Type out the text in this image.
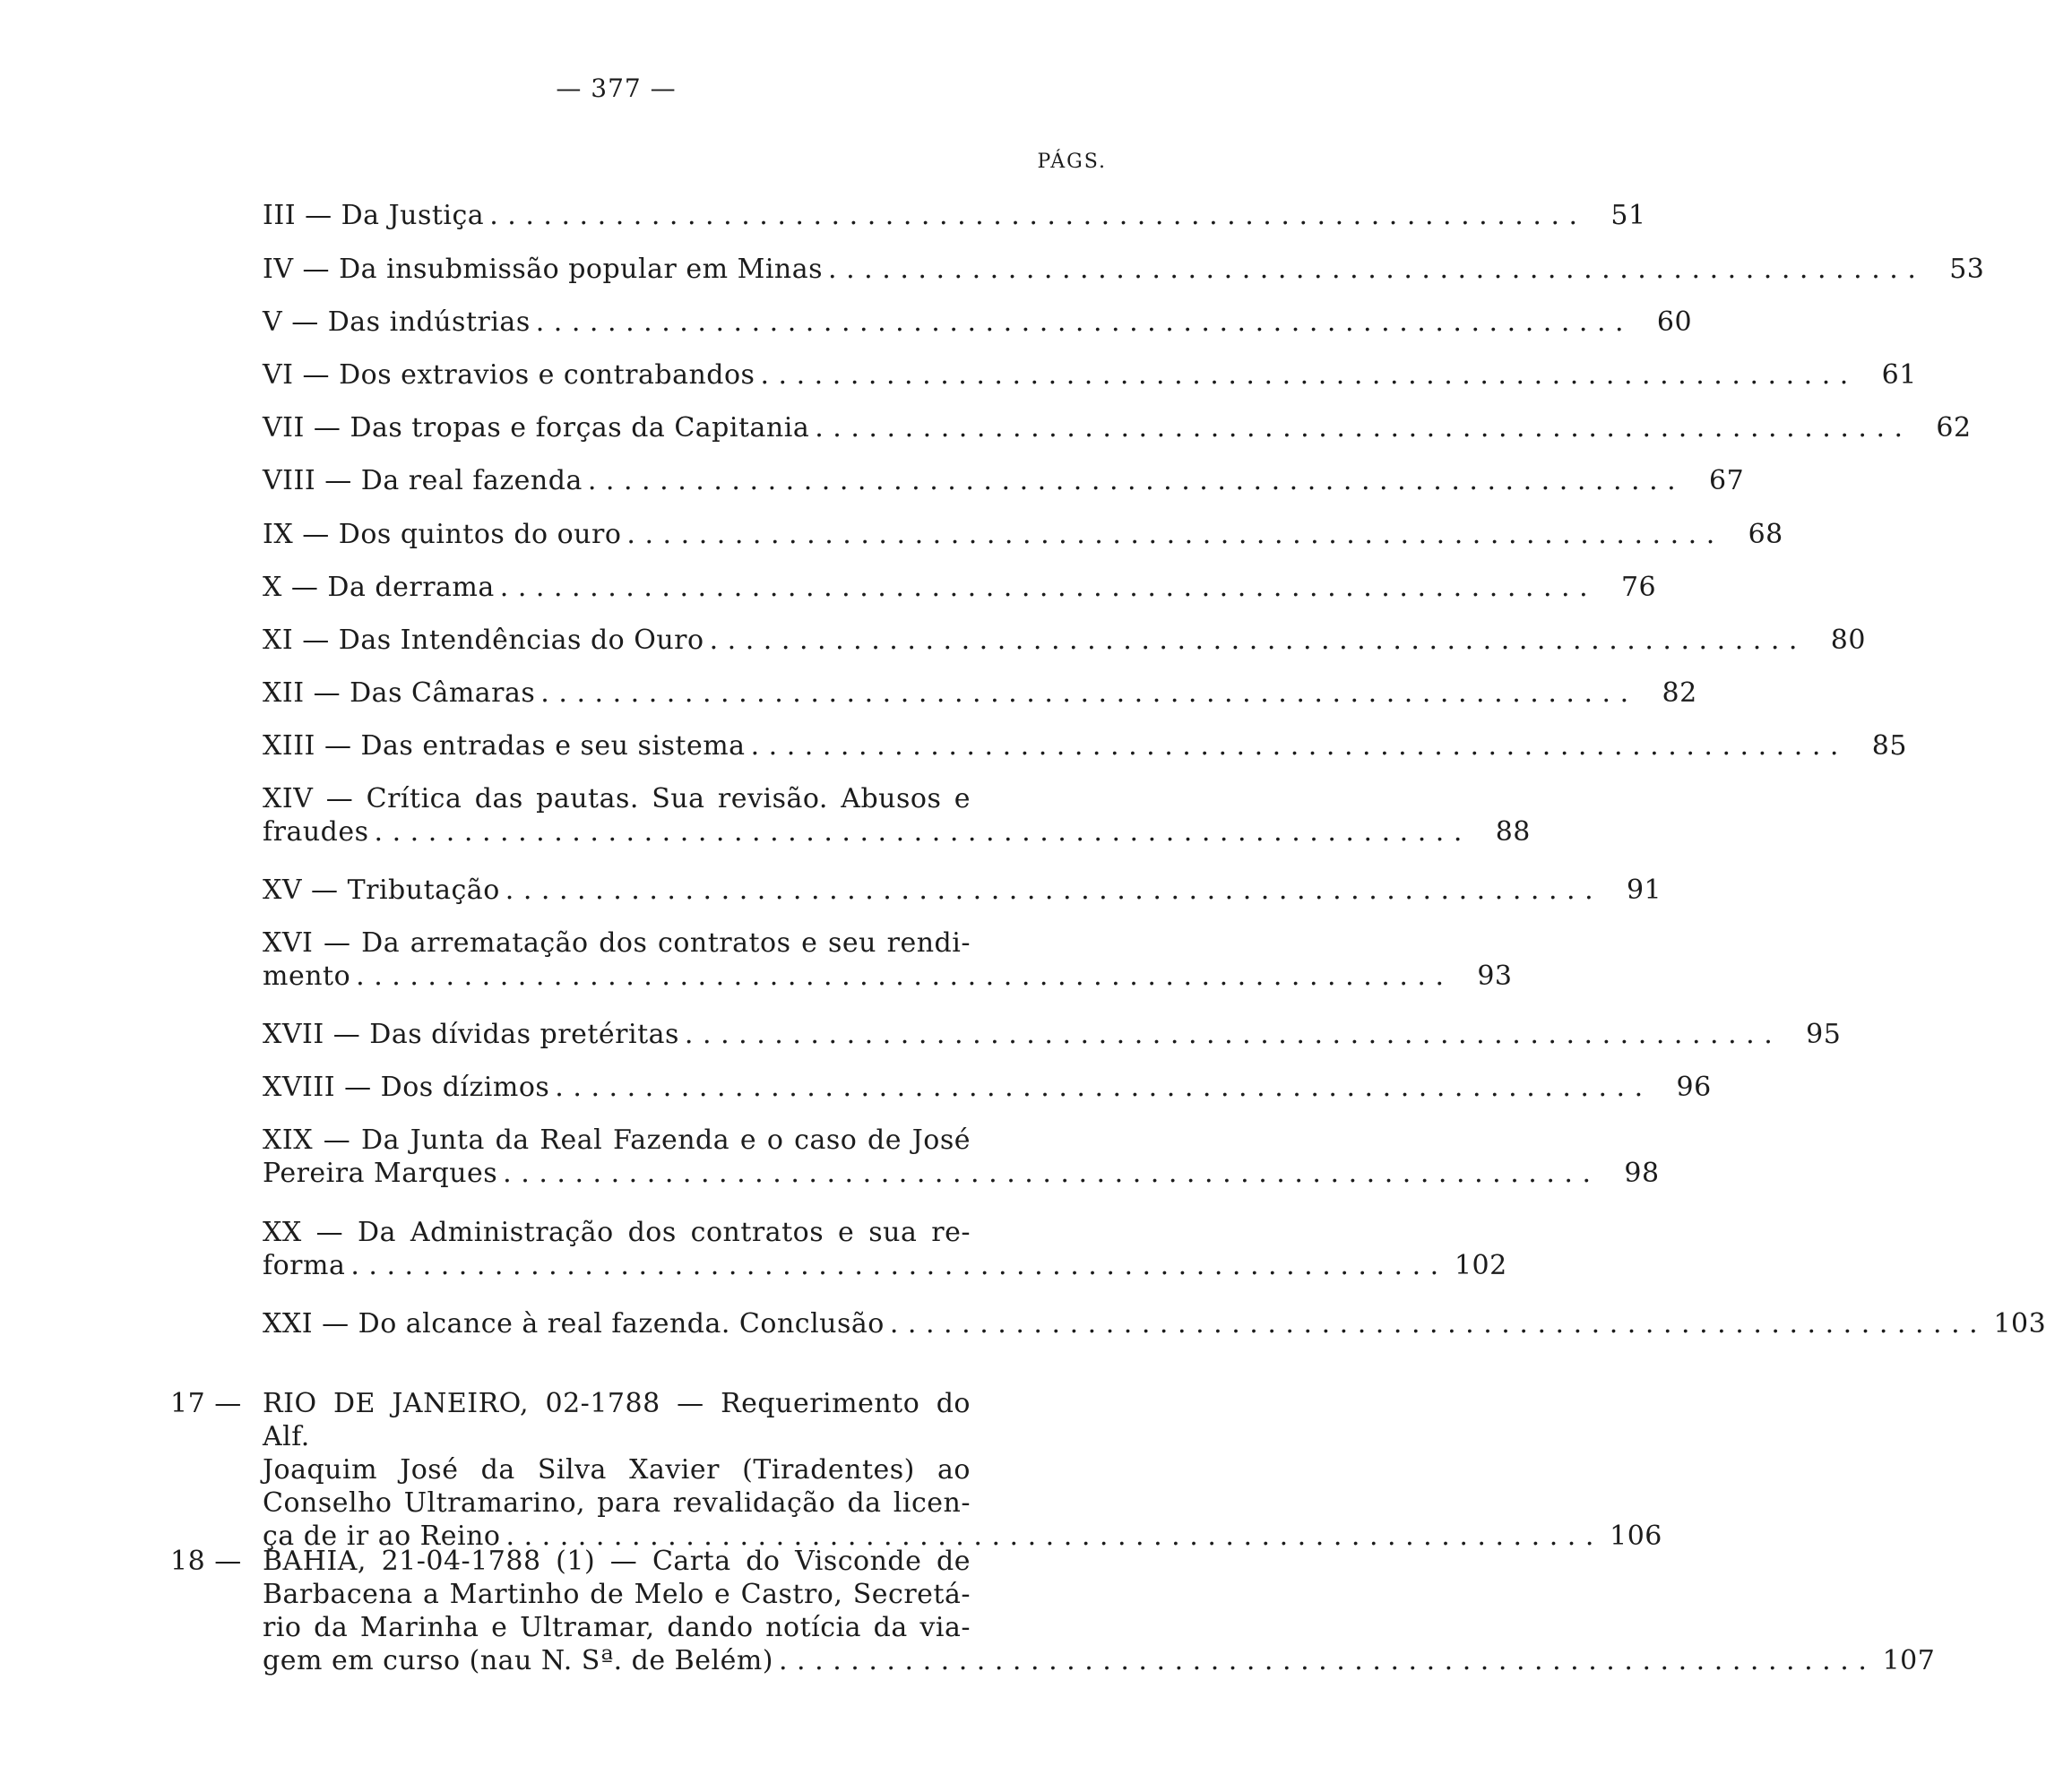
— 377 —
PÁGS.
III — Da Justiça . . .	51
IV — Da insubmissão popular em Minas . . .	53
V — Das indústrias . . .	60
VI — Dos extravios e contrabandos . . .	61
VII — Das tropas e forças da Capitania . . .	62
VIII — Da real fazenda . . .	67
IX — Dos quintos do ouro . . .	68
X — Da derrama . . .	76
XI — Das Intendências do Ouro . . .	80
XII — Das Câmaras . . .	82
XIII — Das entradas e seu sistema . . .	85
XIV — Crítica das pautas. Sua revisão. Abusos e
fraudes . . .	88
XV — Tributação . . .	91
XVI — Da arrematação dos contratos e seu rendi-
mento . . .	93
XVII — Das dívidas pretéritas . . .	95
XVIII — Dos dízimos . . .	96
XIX — Da Junta da Real Fazenda e o caso de José
Pereira Marques . . .	98
XX — Da Administração dos contratos e sua re-
forma . . .	102
XXI — Do alcance à real fazenda. Conclusão . . .	103
17 — RIO DE JANEIRO, 02-1788 — Requerimento do Alf.
Joaquim José da Silva Xavier (Tiradentes) ao
Conselho Ultramarino, para revalidação da licen-
ça de ir ao Reino . . .	106
18 — BAHIA, 21-04-1788 (1) — Carta do Visconde de
Barbacena a Martinho de Melo e Castro, Secretá-
rio da Marinha e Ultramar, dando notícia da via-
gem em curso (nau N. Sª. de Belém) . . .	107
